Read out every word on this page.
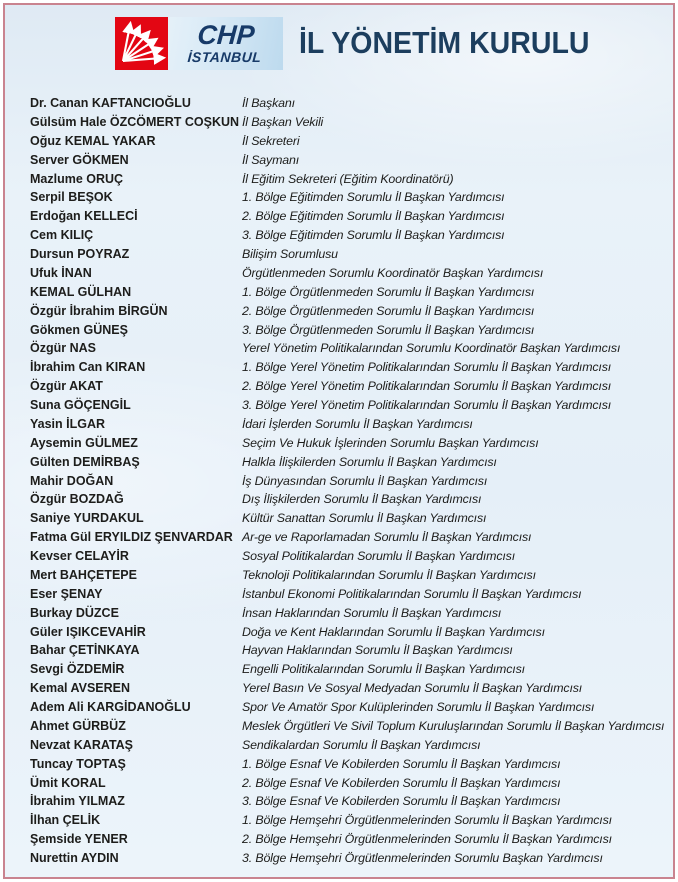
CHP
İSTANBUL İL YÖNETİM KURULU
Dr. Canan KAFTANCIOĞLU	İl Başkanı
Gülsüm Hale ÖZCÖMERT COŞKUN İl Başkan Vekili
Oğuz KEMAL YAKAR	İl Sekreteri
Server GÖKMEN	İl Saymanı
Mazlume ORUÇ	İl Eğitim Sekreteri (Eğitim Koordinatörü)
Serpil BEŞOK	1. Bölge Eğitimden Sorumlu İl Başkan Yardımcısı
Erdoğan KELLECİ	2. Bölge Eğitimden Sorumlu İl Başkan Yardımcısı
Cem KILIÇ	3. Bölge Eğitimden Sorumlu İl Başkan Yardımcısı
Dursun POYRAZ	Bilişim Sorumlusu
Ufuk İNAN	Örgütlenmeden Sorumlu Koordinatör Başkan Yardımcısı
KEMAL GÜLHAN	1. Bölge Örgütlenmeden Sorumlu İl Başkan Yardımcısı
Özgür İbrahim BİRGÜN	2. Bölge Örgütlenmeden Sorumlu İl Başkan Yardımcısı
Gökmen GÜNEŞ	3. Bölge Örgütlenmeden Sorumlu İl Başkan Yardımcısı
Özgür NAS	Yerel Yönetim Politikalarından Sorumlu Koordinatör Başkan Yardımcısı
İbrahim Can KIRAN	1. Bölge Yerel Yönetim Politikalarından Sorumlu İl Başkan Yardımcısı
Özgür AKAT	2. Bölge Yerel Yönetim Politikalarından Sorumlu İl Başkan Yardımcısı
Suna GÖÇENGİL	3. Bölge Yerel Yönetim Politikalarından Sorumlu İl Başkan Yardımcısı
Yasin İLGAR	İdari İşlerden Sorumlu İl Başkan Yardımcısı
Aysemin GÜLMEZ	Seçim Ve Hukuk İşlerinden Sorumlu Başkan Yardımcısı
Gülten DEMİRBAŞ	Halkla İlişkilerden Sorumlu İl Başkan Yardımcısı
Mahir DOĞAN	İş Dünyasından Sorumlu İl Başkan Yardımcısı
Özgür BOZDAĞ	Dış İlişkilerden Sorumlu İl Başkan Yardımcısı
Saniye YURDAKUL	Kültür Sanattan Sorumlu İl Başkan Yardımcısı
Fatma Gül ERYILDIZ ŞENVARDAR Ar-ge ve Raporlamadan Sorumlu İl Başkan Yardımcısı
Kevser CELAYİR	Sosyal Politikalardan Sorumlu İl Başkan Yardımcısı
Mert BAHÇETEPE	Teknoloji Politikalarından Sorumlu İl Başkan Yardımcısı
Eser ŞENAY	İstanbul Ekonomi Politikalarından Sorumlu İl Başkan Yardımcısı
Burkay DÜZCE	İnsan Haklarından Sorumlu İl Başkan Yardımcısı
Güler IŞIKCEVAHİR	Doğa ve Kent Haklarından Sorumlu İl Başkan Yardımcısı
Bahar ÇETİNKAYA	Hayvan Haklarından Sorumlu İl Başkan Yardımcısı
Sevgi ÖZDEMİR	Engelli Politikalarından Sorumlu İl Başkan Yardımcısı
Kemal AVSEREN	Yerel Basın Ve Sosyal Medyadan Sorumlu İl Başkan Yardımcısı
Adem Ali KARGİDANOĞLU	Spor Ve Amatör Spor Kulüplerinden Sorumlu İl Başkan Yardımcısı
Ahmet GÜRBÜZ	Meslek Örgütleri Ve Sivil Toplum Kuruluşlarından Sorumlu İl Başkan Yardımcısı
Nevzat KARATAŞ	Sendikalardan Sorumlu İl Başkan Yardımcısı
Tuncay TOPTAŞ	1. Bölge Esnaf Ve Kobilerden Sorumlu İl Başkan Yardımcısı
Ümit KORAL	2. Bölge Esnaf Ve Kobilerden Sorumlu İl Başkan Yardımcısı
İbrahim YILMAZ	3. Bölge Esnaf Ve Kobilerden Sorumlu İl Başkan Yardımcısı
İlhan ÇELİK	1. Bölge Hemşehri Örgütlenmelerinden Sorumlu İl Başkan Yardımcısı
Şemside YENER	2. Bölge Hemşehri Örgütlenmelerinden Sorumlu İl Başkan Yardımcısı
Nurettin AYDIN	3. Bölge Hemşehri Örgütlenmelerinden Sorumlu Başkan Yardımcısı
